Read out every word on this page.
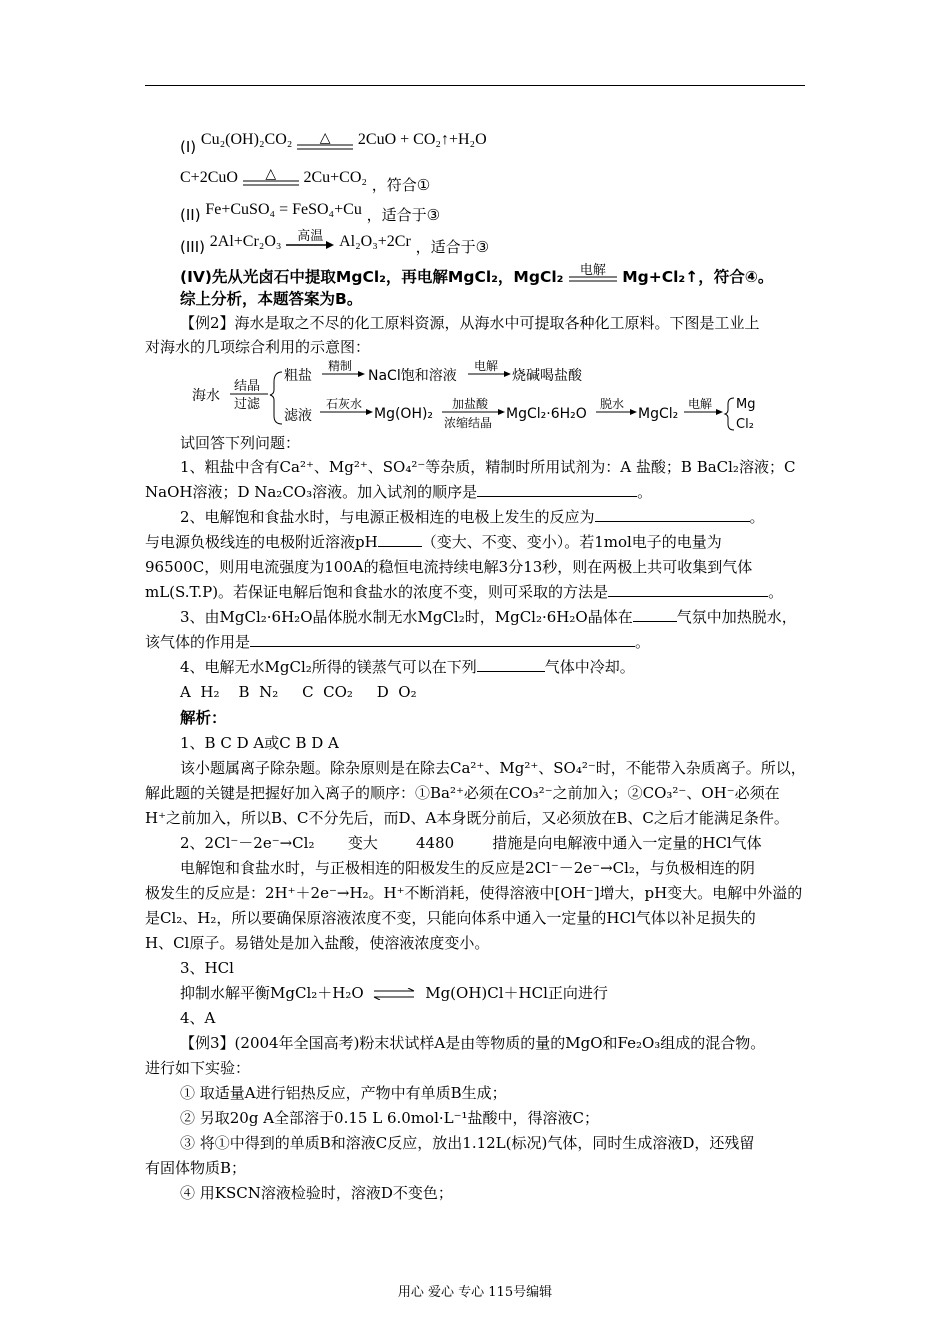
(I) Cu₂(OH)₂CO₂ △ 2CuO + CO₂↑+H₂O
C+2CuO △ 2Cu+CO₂ ，符合①
(II) Fe+CuSO₄ = FeSO₄+Cu ，适合于③
(III) 2Al+Cr₂O₃ 高温 Al₂O₃+2Cr ，适合于③
(IV)先从光卤石中提取MgCl₂，再电解MgCl₂，MgCl₂ 电解 Mg+Cl₂↑，符合④。
综上分析，本题答案为B。
【例2】海水是取之不尽的化工原料资源，从海水中可提取各种化工原料。下图是工业上
对海水的几项综合利用的示意图：
海水
结晶
过滤
粗盐
精制
NaCl饱和溶液
电解
烧碱喝盐酸
滤液
石灰水
Mg(OH)₂
加盐酸
浓缩结晶
MgCl₂·6H₂O
脱水
MgCl₂
电解 Mg
Cl₂
试回答下列问题：
1、粗盐中含有Ca²⁺、Mg²⁺、SO₄²⁻等杂质，精制时所用试剂为：A 盐酸；B BaCl₂溶液；C
NaOH溶液；D Na₂CO₃溶液。加入试剂的顺序是	。
2、电解饱和食盐水时，与电源正极相连的电极上发生的反应为	。
与电源负极线连的电极附近溶液pH	（变大、不变、变小）。若1mol电子的电量为
96500C，则用电流强度为100A的稳恒电流持续电解3分13秒，则在两极上共可收集到气体
mL(S.T.P)。若保证电解后饱和食盐水的浓度不变，则可采取的方法是	。
3、由MgCl₂·6H₂O晶体脱水制无水MgCl₂时，MgCl₂·6H₂O晶体在	气氛中加热脱水，
该气体的作用是	。
4、电解无水MgCl₂所得的镁蒸气可以在下列	气体中冷却。
A  H₂    B  N₂     C  CO₂     D  O₂
解析：
1、B C D A或C B D A
该小题属离子除杂题。除杂原则是在除去Ca²⁺、Mg²⁺、SO₄²⁻时，不能带入杂质离子。所以，
解此题的关键是把握好加入离子的顺序：①Ba²⁺必须在CO₃²⁻之前加入；②CO₃²⁻、OH⁻必须在
H⁺之前加入，所以B、C不分先后，而D、A本身既分前后，又必须放在B、C之后才能满足条件。
2、2Cl⁻－2e⁻→Cl₂       变大        4480        措施是向电解液中通入一定量的HCl气体
电解饱和食盐水时，与正极相连的阳极发生的反应是2Cl⁻－2e⁻→Cl₂，与负极相连的阴
极发生的反应是：2H⁺＋2e⁻→H₂。H⁺不断消耗，使得溶液中[OH⁻]增大，pH变大。电解中外溢的
是Cl₂、H₂，所以要确保原溶液浓度不变，只能向体系中通入一定量的HCl气体以补足损失的
H、Cl原子。易错处是加入盐酸，使溶液浓度变小。
3、HCl
抑制水解平衡MgCl₂＋H₂O ⇌ Mg(OH)Cl＋HCl正向进行
4、A
【例3】(2004年全国高考)粉末状试样A是由等物质的量的MgO和Fe₂O₃组成的混合物。
进行如下实验：
① 取适量A进行铝热反应，产物中有单质B生成；
② 另取20g A全部溶于0.15 L 6.0mol·L⁻¹盐酸中，得溶液C；
③ 将①中得到的单质B和溶液C反应，放出1.12L(标况)气体，同时生成溶液D，还残留
有固体物质B；
④ 用KSCN溶液检验时，溶液D不变色；
用心 爱心 专心 115号编辑
